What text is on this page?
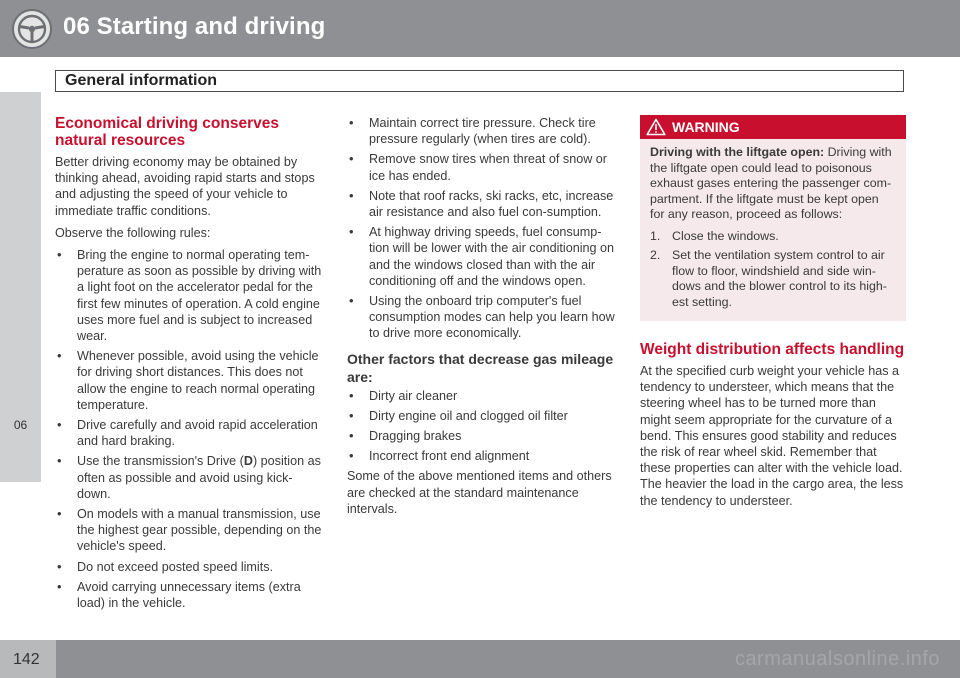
06 Starting and driving
General information
06
Economical driving conserves natural resources

Better driving economy may be obtained by thinking ahead, avoiding rapid starts and stops and adjusting the speed of your vehicle to immediate traffic conditions.

Observe the following rules:

• Bring the engine to normal operating tem-perature as soon as possible by driving with a light foot on the accelerator pedal for the first few minutes of operation. A cold engine uses more fuel and is subject to increased wear.
• Whenever possible, avoid using the vehicle for driving short distances. This does not allow the engine to reach normal operating temperature.
• Drive carefully and avoid rapid acceleration and hard braking.
• Use the transmission's Drive (D) position as often as possible and avoid using kick-down.
• On models with a manual transmission, use the highest gear possible, depending on the vehicle's speed.
• Do not exceed posted speed limits.
• Avoid carrying unnecessary items (extra load) in the vehicle.
• Maintain correct tire pressure. Check tire pressure regularly (when tires are cold).
• Remove snow tires when threat of snow or ice has ended.
• Note that roof racks, ski racks, etc, increase air resistance and also fuel con-sumption.
• At highway driving speeds, fuel consump-tion will be lower with the air conditioning on and the windows closed than with the air conditioning off and the windows open.
• Using the onboard trip computer's fuel consumption modes can help you learn how to drive more economically.
Other factors that decrease gas mileage are:
• Dirty air cleaner
• Dirty engine oil and clogged oil filter
• Dragging brakes
• Incorrect front end alignment

Some of the above mentioned items and others are checked at the standard maintenance intervals.

WARNING
Driving with the liftgate open: Driving with the liftgate open could lead to poisonous exhaust gases entering the passenger com-partment. If the liftgate must be kept open for any reason, proceed as follows:
1. Close the windows.
2. Set the ventilation system control to air flow to floor, windshield and side win-dows and the blower control to its high-est setting.
Weight distribution affects handling

At the specified curb weight your vehicle has a tendency to understeer, which means that the steering wheel has to be turned more than might seem appropriate for the curvature of a bend. This ensures good stability and reduces the risk of rear wheel skid. Remember that these properties can alter with the vehicle load. The heavier the load in the cargo area, the less the tendency to understeer.

142	carmanualsonline.info
